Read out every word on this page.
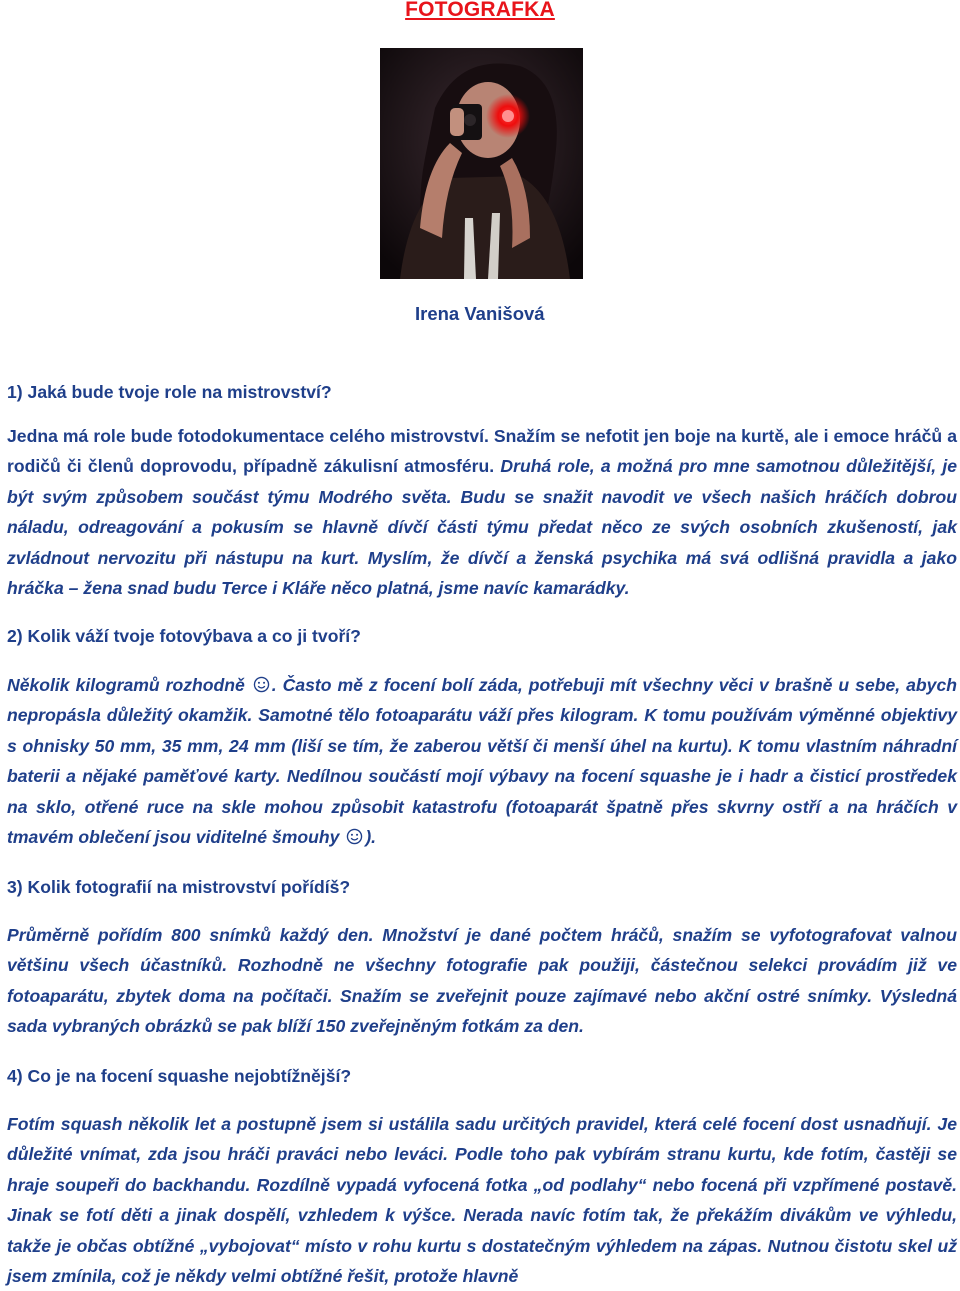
FOTOGRAFKA
Irena Vanišová
1) Jaká bude tvoje role na mistrovství?
Jedna má role bude fotodokumentace celého mistrovství. Snažím se nefotit jen boje na kurtě, ale i emoce hráčů a rodičů či členů doprovodu, případně zákulisní atmosféru. Druhá role, a možná pro mne samotnou důležitější, je být svým způsobem součást týmu Modrého světa. Budu se snažit navodit ve všech našich hráčích dobrou náladu, odreagování a pokusím se hlavně dívčí části týmu předat něco ze svých osobních zkušeností, jak zvládnout nervozitu při nástupu na kurt. Myslím, že dívčí a ženská psychika má svá odlišná pravidla a jako hráčka – žena snad budu Terce i Kláře něco platná, jsme navíc kamarádky.
2) Kolik váží tvoje fotovýbava a co ji tvoří?
Několik kilogramů rozhodně . Často mě z focení bolí záda, potřebuji mít všechny věci v brašně u sebe, abych nepropásla důležitý okamžik. Samotné tělo fotoaparátu váží přes kilogram. K tomu používám výměnné objektivy s ohnisky 50 mm, 35 mm, 24 mm (liší se tím, že zaberou větší či menší úhel na kurtu). K tomu vlastním náhradní baterii a nějaké paměťové karty. Nedílnou součástí mojí výbavy na focení squashe je i hadr a čisticí prostředek na sklo, otřené ruce na skle mohou způsobit katastrofu (fotoaparát špatně přes skvrny ostří a na hráčích v tmavém oblečení jsou viditelné šmouhy ).
3) Kolik fotografií na mistrovství pořídíš?
Průměrně pořídím 800 snímků každý den. Množství je dané počtem hráčů, snažím se vyfotografovat valnou většinu všech účastníků. Rozhodně ne všechny fotografie pak použiji, částečnou selekci provádím již ve fotoaparátu, zbytek doma na počítači. Snažím se zveřejnit pouze zajímavé nebo akční ostré snímky. Výsledná sada vybraných obrázků se pak blíží 150 zveřejněným fotkám za den.
4) Co je na focení squashe nejobtížnější?
Fotím squash několik let a postupně jsem si ustálila sadu určitých pravidel, která celé focení dost usnadňují. Je důležité vnímat, zda jsou hráči praváci nebo leváci. Podle toho pak vybírám stranu kurtu, kde fotím, častěji se hraje soupeři do backhandu. Rozdílně vypadá vyfocená fotka „od podlahy“ nebo focená při vzpřímené postavě. Jinak se fotí děti a jinak dospělí, vzhledem k výšce. Nerada navíc fotím tak, že překážím divákům ve výhledu, takže je občas obtížné „vybojovat“ místo v rohu kurtu s dostatečným výhledem na zápas. Nutnou čistotu skel už jsem zmínila, což je někdy velmi obtížné řešit, protože hlavně
